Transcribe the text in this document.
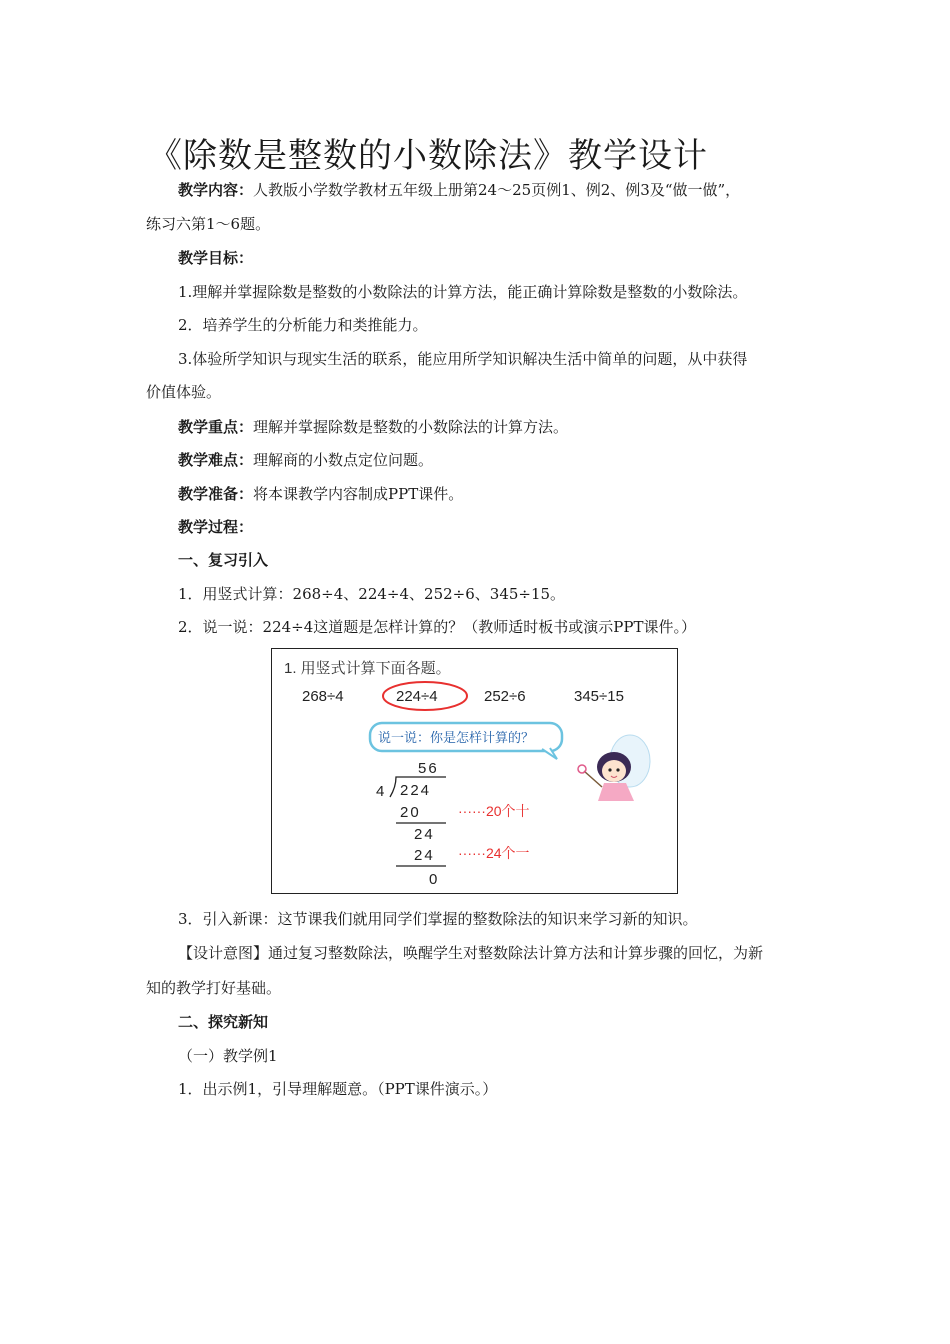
《除数是整数的小数除法》教学设计
教学内容：人教版小学数学教材五年级上册第24～25页例1、例2、例3及“做一做”，
练习六第1～6题。
教学目标：
1.理解并掌握除数是整数的小数除法的计算方法，能正确计算除数是整数的小数除法。
2．培养学生的分析能力和类推能力。
3.体验所学知识与现实生活的联系，能应用所学知识解决生活中简单的问题，从中获得
价值体验。
教学重点：理解并掌握除数是整数的小数除法的计算方法。
教学难点：理解商的小数点定位问题。
教学准备：将本课教学内容制成PPT课件。
教学过程：
一、复习引入
1．用竖式计算：268÷4、224÷4、252÷6、345÷15。
2．说一说：224÷4这道题是怎样计算的？（教师适时板书或演示PPT课件。）
1. 用竖式计算下面各题。
268÷4	224÷4	252÷6	345÷15
说一说：你是怎样计算的？
56
4 224
20	······20个十
24
24 ······24个一
0
3．引入新课：这节课我们就用同学们掌握的整数除法的知识来学习新的知识。
【设计意图】通过复习整数除法，唤醒学生对整数除法计算方法和计算步骤的回忆，为新
知的教学打好基础。
二、探究新知
（一）教学例1
1．出示例1，引导理解题意。（PPT课件演示。）
